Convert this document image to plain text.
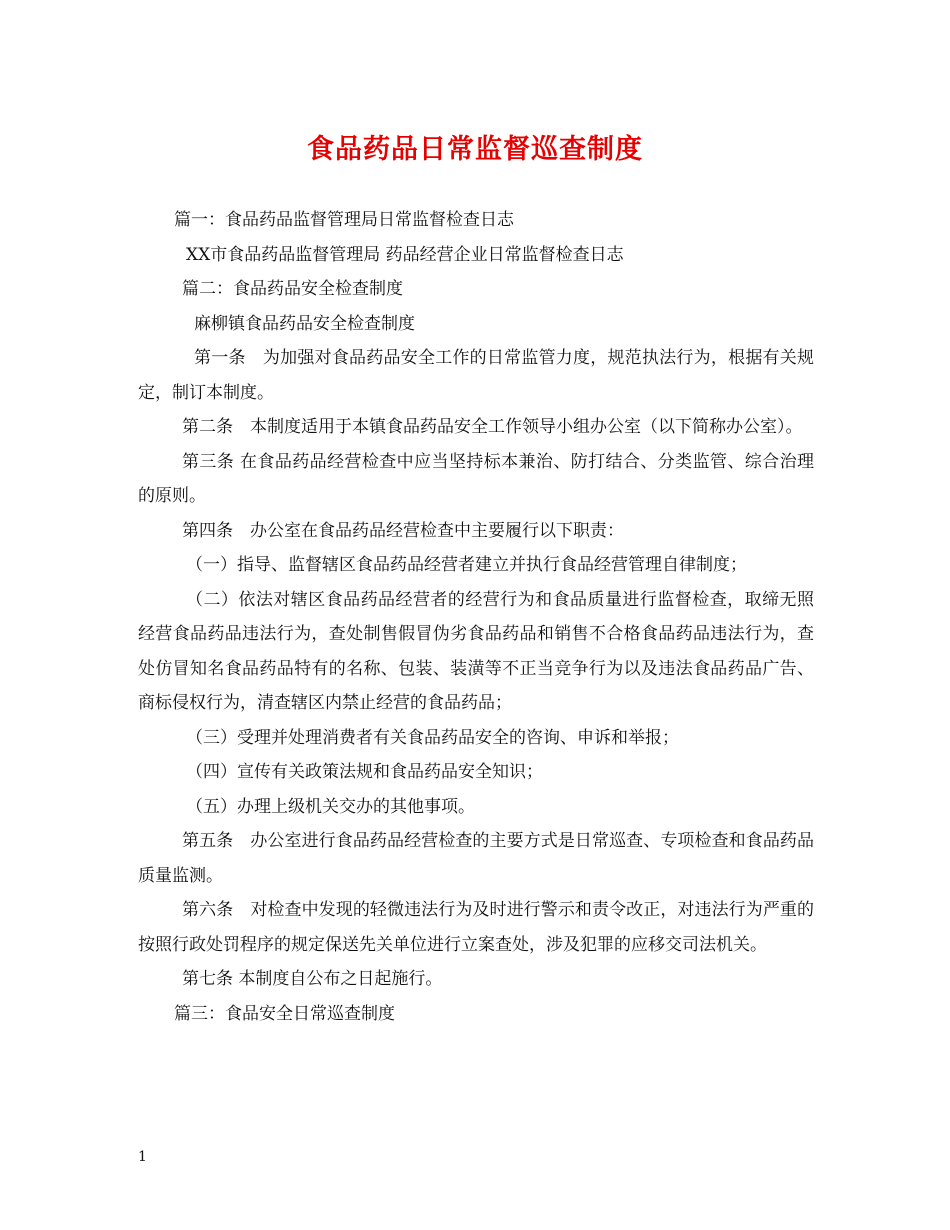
食品药品日常监督巡查制度

篇一：食品药品监督管理局日常监督检查日志

XX市食品药品监督管理局 药品经营企业日常监督检查日志

篇二：食品药品安全检查制度

麻柳镇食品药品安全检查制度

第一条　为加强对食品药品安全工作的日常监管力度，规范执法行为，根据有关规定，制订本制度。

第二条　本制度适用于本镇食品药品安全工作领导小组办公室（以下简称办公室）。

第三条 在食品药品经营检查中应当坚持标本兼治、防打结合、分类监管、综合治理的原则。

第四条　办公室在食品药品经营检查中主要履行以下职责：

（一）指导、监督辖区食品药品经营者建立并执行食品经营管理自律制度；

（二）依法对辖区食品药品经营者的经营行为和食品质量进行监督检查，取缔无照经营食品药品违法行为，查处制售假冒伪劣食品药品和销售不合格食品药品违法行为，查处仿冒知名食品药品特有的名称、包装、装潢等不正当竞争行为以及违法食品药品广告、商标侵权行为，清查辖区内禁止经营的食品药品；

（三）受理并处理消费者有关食品药品安全的咨询、申诉和举报；

（四）宣传有关政策法规和食品药品安全知识；

（五）办理上级机关交办的其他事项。

第五条　办公室进行食品药品经营检查的主要方式是日常巡查、专项检查和食品药品质量监测。

第六条　对检查中发现的轻微违法行为及时进行警示和责令改正，对违法行为严重的按照行政处罚程序的规定保送先关单位进行立案查处，涉及犯罪的应移交司法机关。

第七条 本制度自公布之日起施行。

篇三：食品安全日常巡查制度

1
